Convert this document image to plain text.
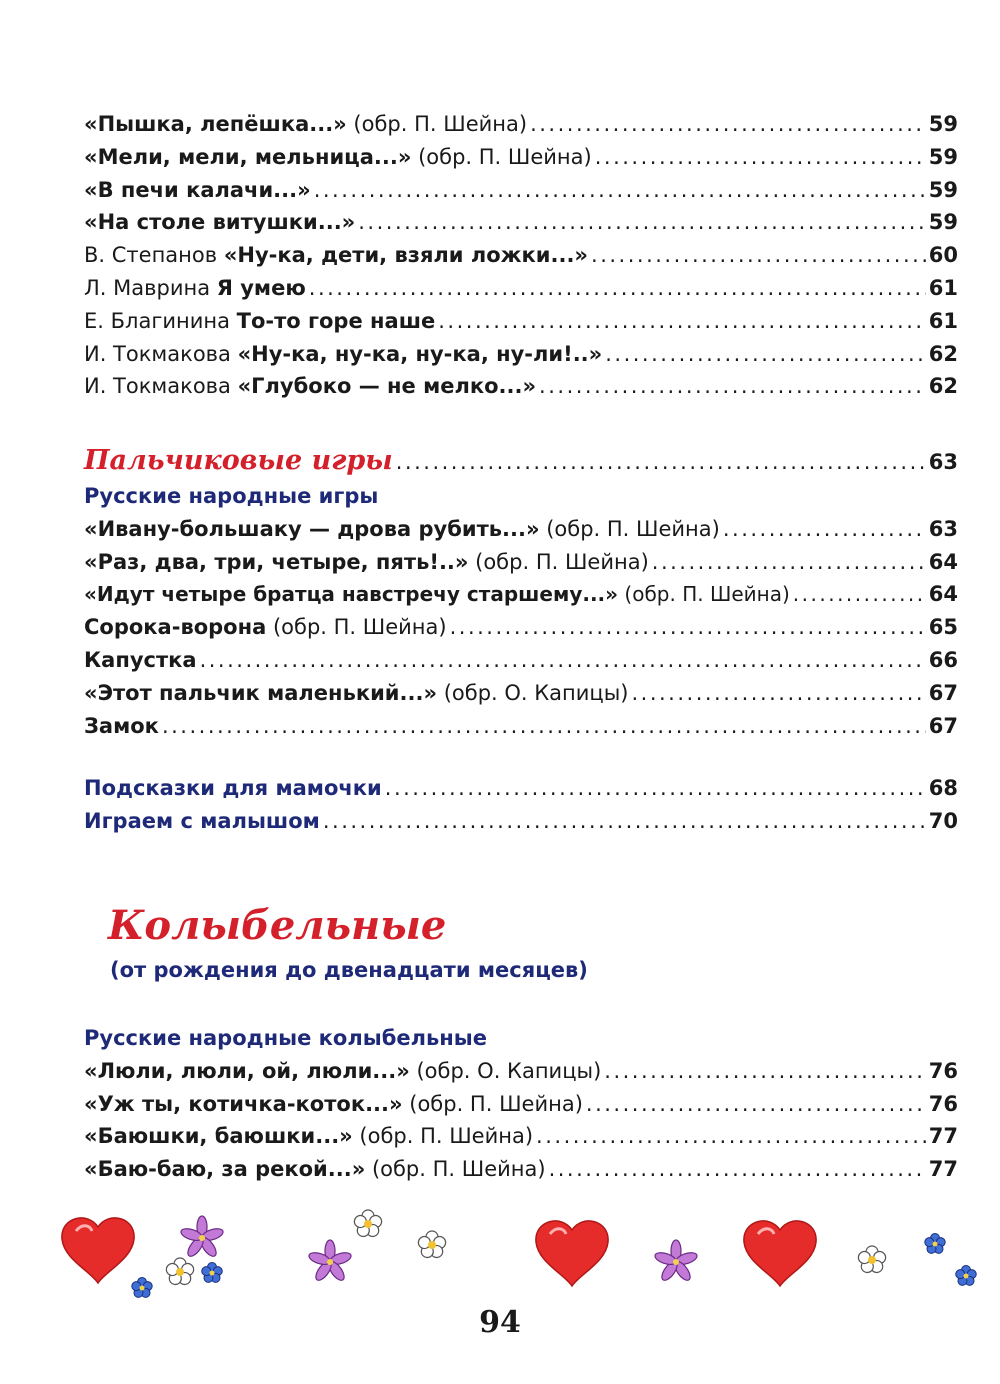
«Пышка, лепёшка...» (обр. П. Шейна) .....	59
«Мели, мели, мельница...» (обр. П. Шейна) .....	59
«В печи калачи...» .....	59
«На столе витушки...» .....	59
В. Степанов «Ну-ка, дети, взяли ложки...» .....	60
Л. Маврина Я умею .....	61
Е. Благинина То-то горе наше .....	61
И. Токмакова «Ну-ка, ну-ка, ну-ка, ну-ли!..» .....	62
И. Токмакова «Глубоко — не мелко...» .....	62
Пальчиковые игры .....	63
Русские народные игры
«Ивану-большаку — дрова рубить...» (обр. П. Шейна) .....	63
«Раз, два, три, четыре, пять!..» (обр. П. Шейна) .....	64
«Идут четыре братца навстречу старшему...» (обр. П. Шейна) .....	64
Сорока-ворона (обр. П. Шейна) .....	65
Капустка .....	66
«Этот пальчик маленький...» (обр. О. Капицы) .....	67
Замок .....	67
Подсказки для мамочки .....	68
Играем с малышом .....	70
Колыбельные
(от рождения до двенадцати месяцев)
Русские народные колыбельные
«Люли, люли, ой, люли...» (обр. О. Капицы) .....	76
«Уж ты, котичка-коток...» (обр. П. Шейна) .....	76
«Баюшки, баюшки...» (обр. П. Шейна) .....	77
«Баю-баю, за рекой...» (обр. П. Шейна) .....	77
94
